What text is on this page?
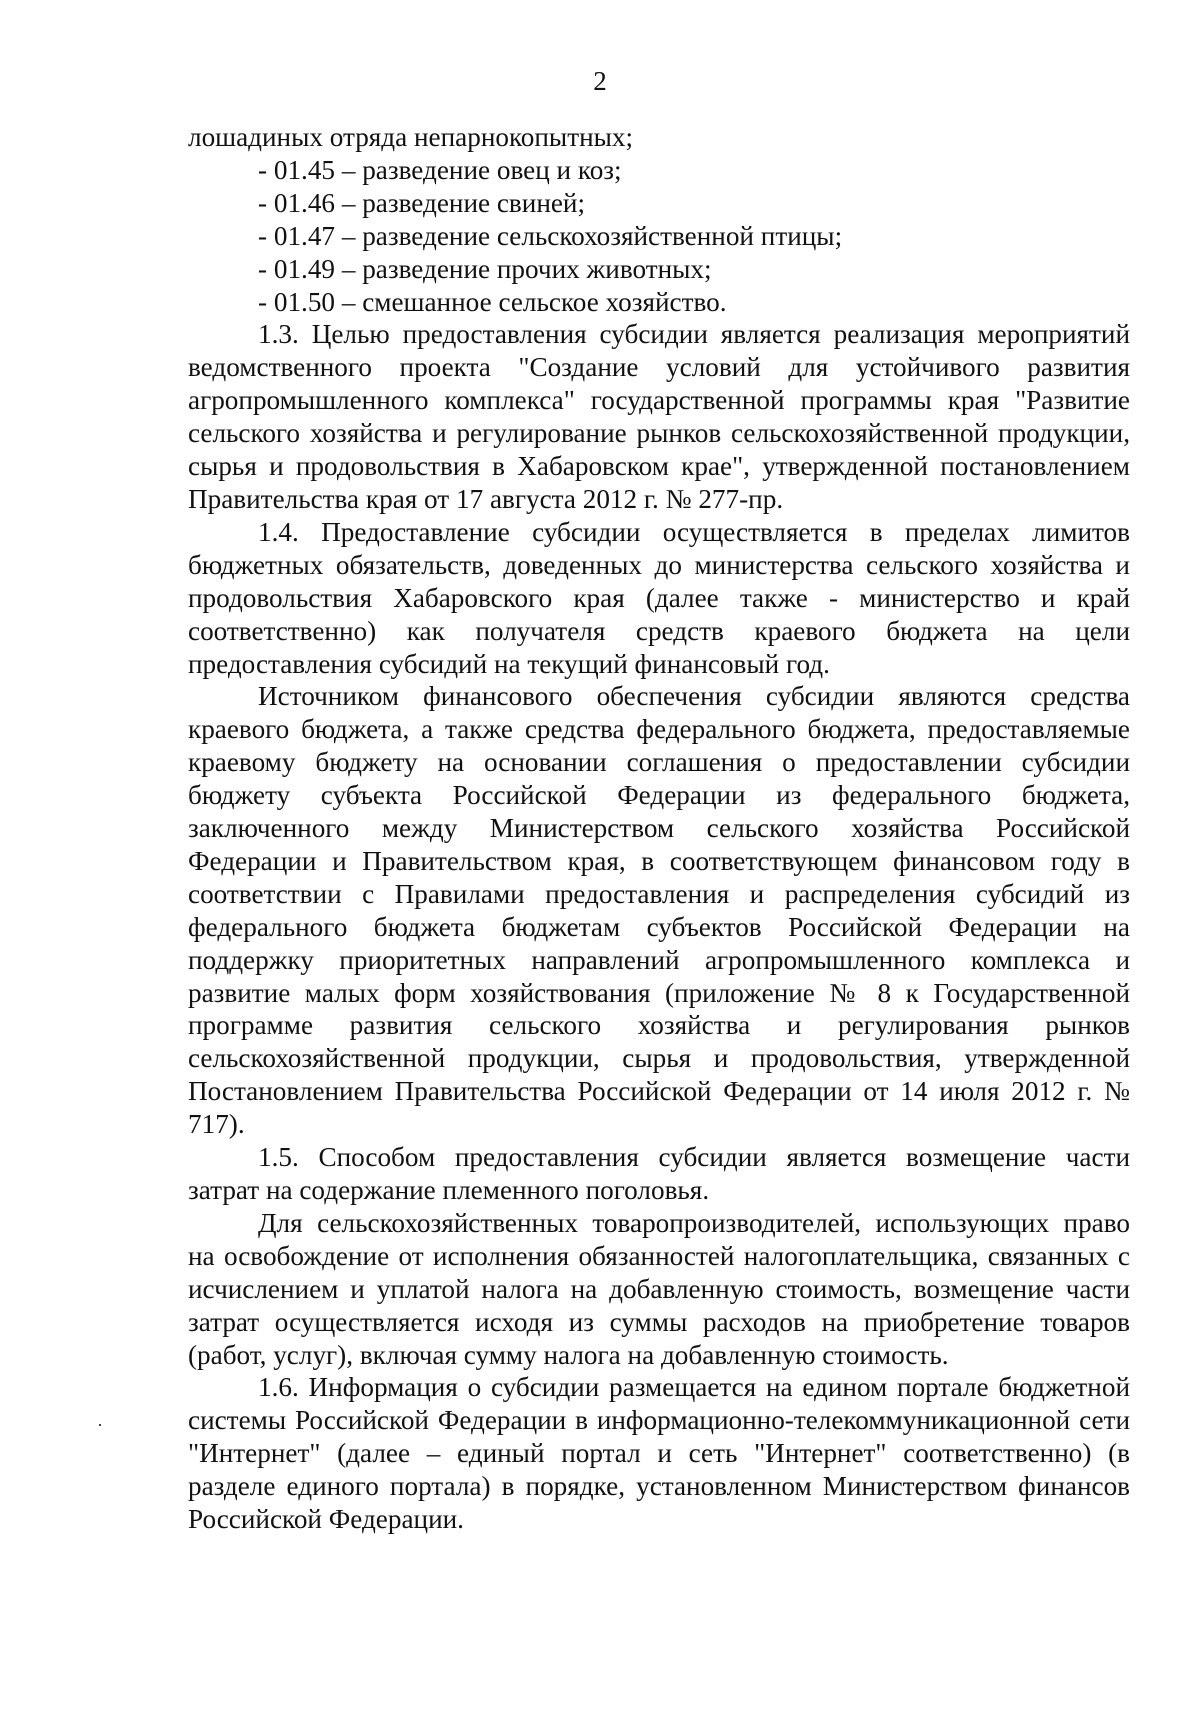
2

лошадиных отряда непарнокопытных;

- 01.45 – разведение овец и коз;

- 01.46 – разведение свиней;

- 01.47 – разведение сельскохозяйственной птицы;

- 01.49 – разведение прочих животных;

- 01.50 – смешанное сельское хозяйство.

1.3. Целью предоставления субсидии является реализация мероприятий ведомственного проекта "Создание условий для устойчивого развития агропромышленного комплекса" государственной программы края "Развитие сельского хозяйства и регулирование рынков сельскохозяйственной продукции, сырья и продовольствия в Хабаровском крае", утвержденной постановлением Правительства края от 17 августа 2012 г. № 277-пр.

1.4. Предоставление субсидии осуществляется в пределах лимитов бюджетных обязательств, доведенных до министерства сельского хозяйства и продовольствия Хабаровского края (далее также - министерство и край соответственно) как получателя средств краевого бюджета на цели предоставления субсидий на текущий финансовый год.

Источником финансового обеспечения субсидии являются средства краевого бюджета, а также средства федерального бюджета, предоставляемые краевому бюджету на основании соглашения о предоставлении субсидии бюджету субъекта Российской Федерации из федерального бюджета, заключенного между Министерством сельского хозяйства Российской Федерации и Правительством края, в соответствующем финансовом году в соответствии с Правилами предоставления и распределения субсидий из федерального бюджета бюджетам субъектов Российской Федерации на поддержку приоритетных направлений агропромышленного комплекса и развитие малых форм хозяйствования (приложение № 8 к Государственной программе развития сельского хозяйства и регулирования рынков сельскохозяйственной продукции, сырья и продовольствия, утвержденной Постановлением Правительства Российской Федерации от 14 июля 2012 г. № 717).

1.5. Способом предоставления субсидии является возмещение части затрат на содержание племенного поголовья.

Для сельскохозяйственных товаропроизводителей, использующих право на освобождение от исполнения обязанностей налогоплательщика, связанных с исчислением и уплатой налога на добавленную стоимость, возмещение части затрат осуществляется исходя из суммы расходов на приобретение товаров (работ, услуг), включая сумму налога на добавленную стоимость.

1.6. Информация о субсидии размещается на едином портале бюджетной системы Российской Федерации в информационно-телекоммуникационной сети "Интернет" (далее – единый портал и сеть "Интернет" соответственно) (в разделе единого портала) в порядке, установленном Министерством финансов Российской Федерации.
